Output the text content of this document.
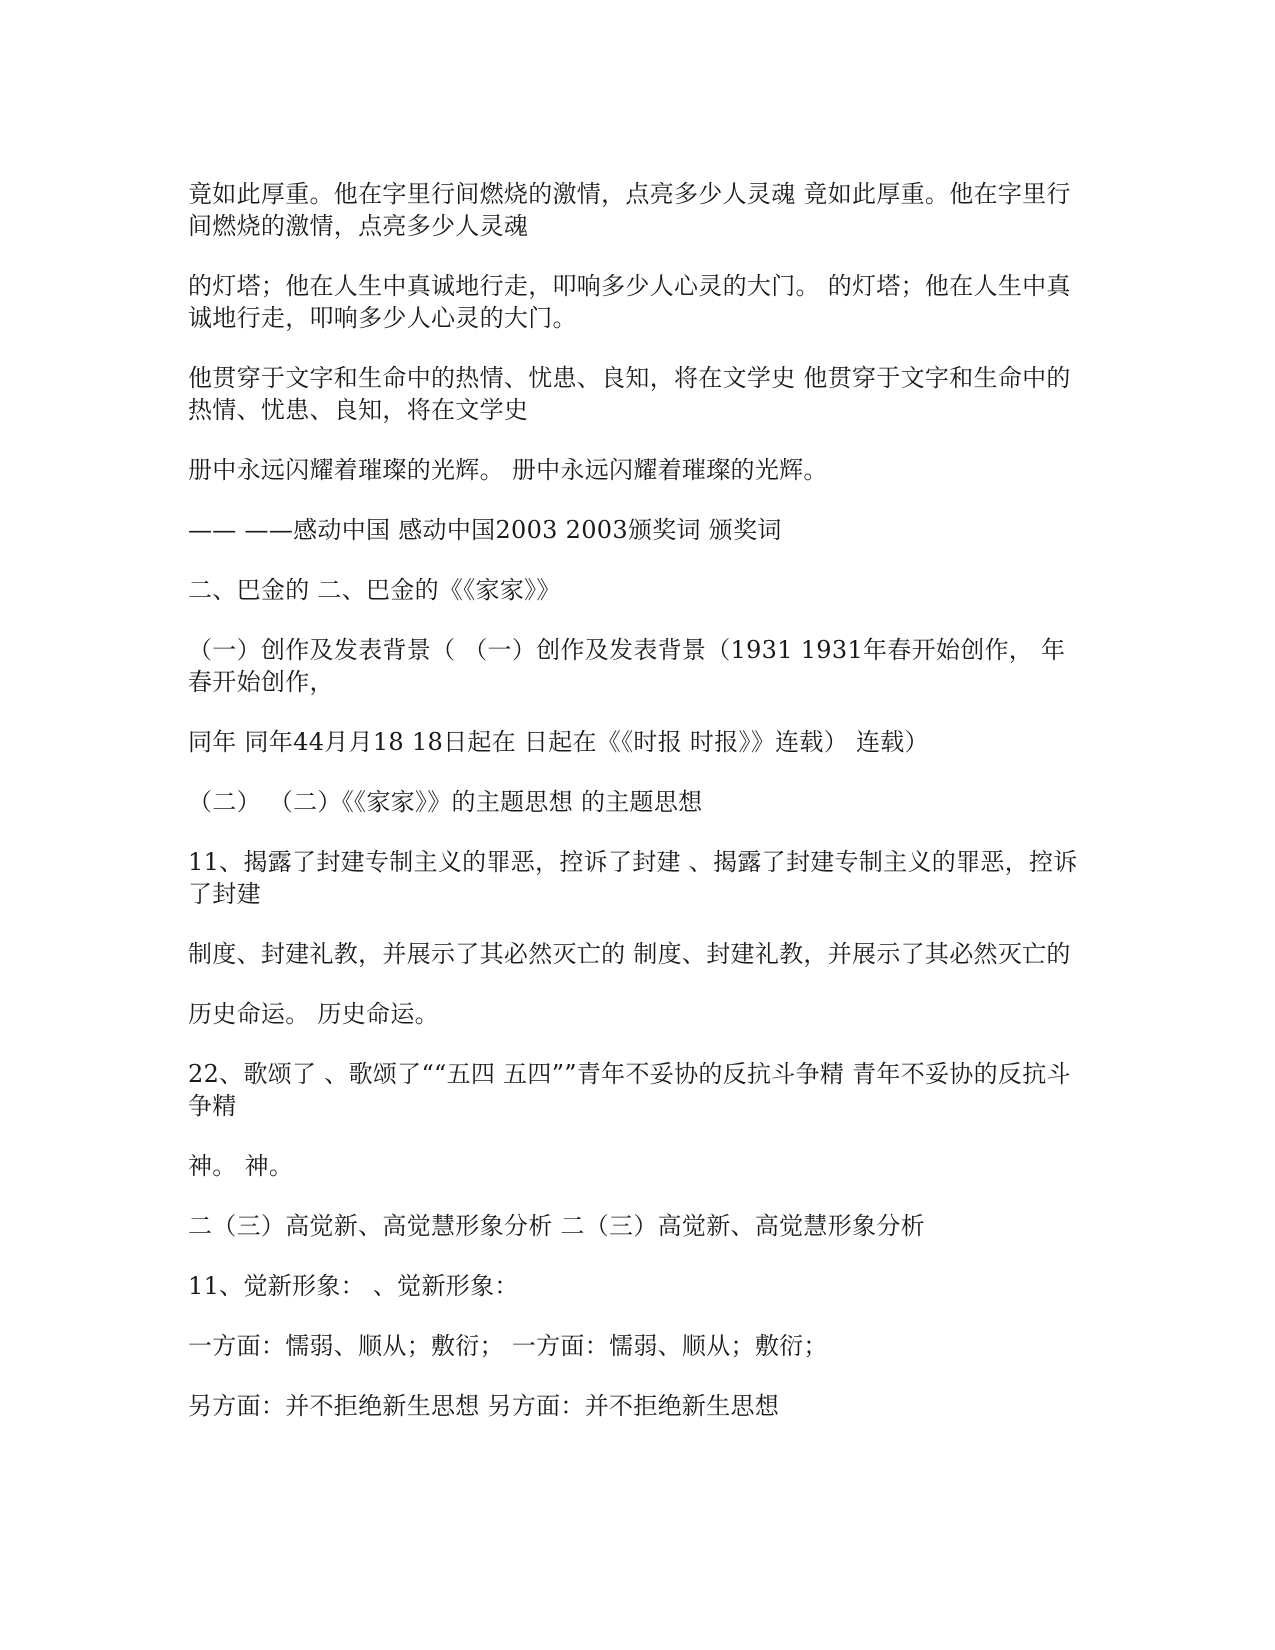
竟如此厚重。他在字里行间燃烧的激情，点亮多少人灵魂 竟如此厚重。他在字里行间燃烧的激情，点亮多少人灵魂

的灯塔；他在人生中真诚地行走，叩响多少人心灵的大门。 的灯塔；他在人生中真诚地行走，叩响多少人心灵的大门。

他贯穿于文字和生命中的热情、忧患、良知，将在文学史 他贯穿于文字和生命中的热情、忧患、良知，将在文学史

册中永远闪耀着璀璨的光辉。 册中永远闪耀着璀璨的光辉。

—— ——感动中国 感动中国2003 2003颁奖词 颁奖词

二、巴金的 二、巴金的《《家家》》

（一）创作及发表背景（ （一）创作及发表背景（1931 1931年春开始创作， 年春开始创作，

同年 同年44月月18 18日起在 日起在《《时报 时报》》连载） 连载）

（二） （二）《《家家》》的主题思想 的主题思想

11、揭露了封建专制主义的罪恶，控诉了封建 、揭露了封建专制主义的罪恶，控诉了封建

制度、封建礼教，并展示了其必然灭亡的 制度、封建礼教，并展示了其必然灭亡的

历史命运。 历史命运。

22、歌颂了 、歌颂了““五四 五四””青年不妥协的反抗斗争精 青年不妥协的反抗斗争精

神。 神。

二（三）高觉新、高觉慧形象分析 二（三）高觉新、高觉慧形象分析

11、觉新形象： 、觉新形象：

一方面：懦弱、顺从；敷衍； 一方面：懦弱、顺从；敷衍；

另方面：并不拒绝新生思想 另方面：并不拒绝新生思想
